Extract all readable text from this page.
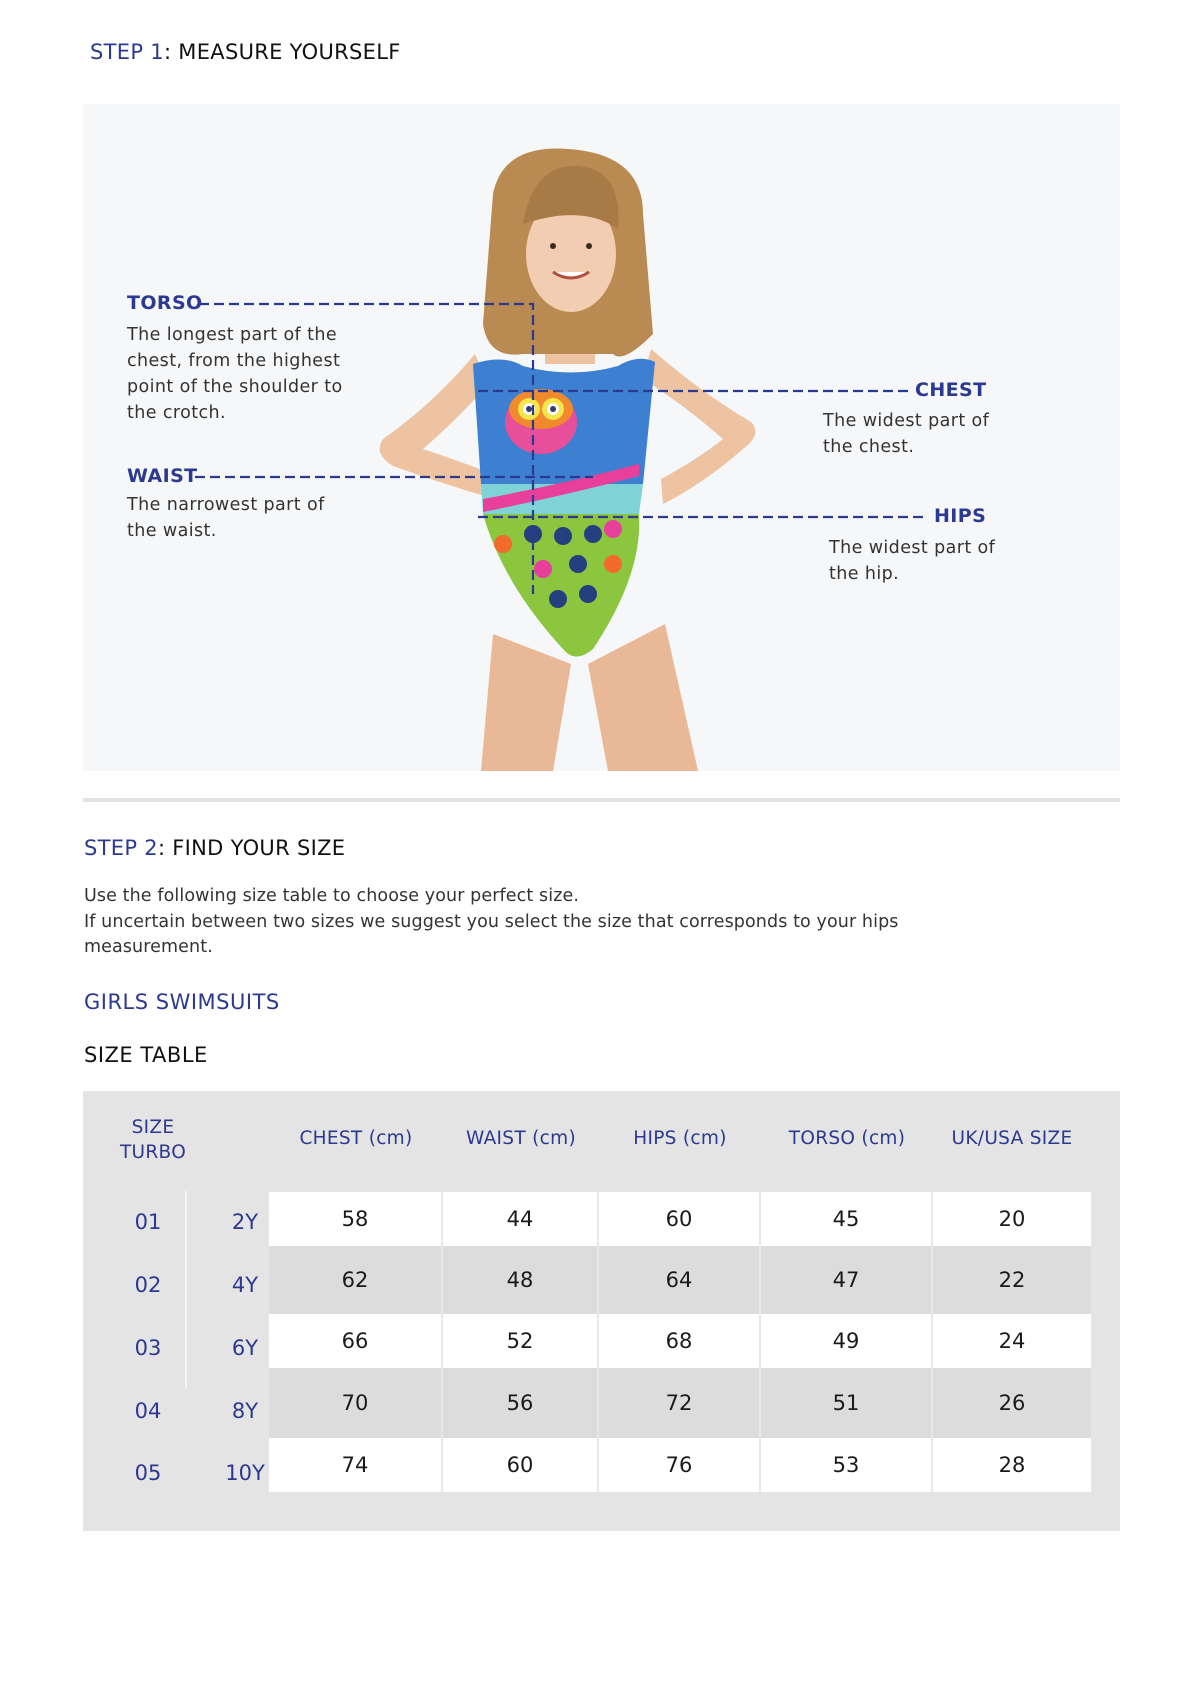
STEP 1: MEASURE YOURSELF
TORSO
The longest part of the chest, from the highest point of the shoulder to the crotch.
WAIST
The narrowest part of the waist.
CHEST
The widest part of the chest.
HIPS
The widest part of the hip.
STEP 2: FIND YOUR SIZE
Use the following size table to choose your perfect size.
If uncertain between two sizes we suggest you select the size that corresponds to your hips measurement.
GIRLS SWIMSUITS
SIZE TABLE
SIZE
TURBO
CHEST (cm)	WAIST (cm)	HIPS (cm)	TORSO (cm)	UK/USA SIZE
01	2Y	58	44	60	45	20
02	4Y	62	48	64	47	22
03	6Y	66	52	68	49	24
04	8Y	70	56	72	51	26
05	10Y	74	60	76	53	28
